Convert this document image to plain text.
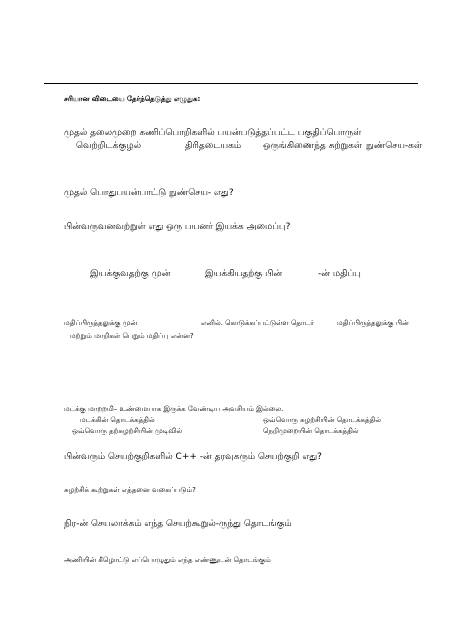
சரியான விடையை தேர்ந்தெடுத்து எழுதுக:
முதல் தலைமுறை கணிப்பொறிகளில் பயன்படுத்தப்பட்ட பகுதிப்பொருள்
வெற்றிடக்குழல்	திரிதடையகம் ஒருங்கிணைந்த சுற்றுகள் நுண்செய-கள்
முதல் பொதுபயன்பாட்டு நுண்செய- எது?
பின்வருவனவற்றுள் எது ஒரு பயனர் இயக்க அமைப்பு?
இயக்குவதற்கு முன்	இயக்கியதற்கு பின்	-ன் மதிப்பு
மதிப்பிருத்தலுக்கு முன்	எனில். கொடுக்கப்பட்டுள்ள தொடர்	மதிப்பிருத்தலுக்கு பின்
மற்றும் மாறிகள் பெறும் மதிப்பு என்ன?
மடக்கு மாறறமி– உண்மையாக இருக்க வேண்டிய அவசியம் இல்லை.
மடக்கின் தொடக்கத்தில்	ஒவ்வொரு சுழற்சியின் தொடக்கத்தில்
ஒவ்வொரு தற்சுழற்சியின் முடிவில்	நெறிமுறையின் தொடக்கத்தில்
பின்வரும் செயற்குறிகளில் C++ -ன் தரவுகரும் செயற்குறி எது?
சுழற்சிக் கூற்றுகள் எத்தனை வகைப்படும்?
நிர-ன் செயலாக்கம் எந்த செயற்கூறுல்-ருந்து தொடங்கும்
அணியின் கீழொட்டு எப்பொழுதும் எந்த எண்ணுடன் தொடங்கும்
